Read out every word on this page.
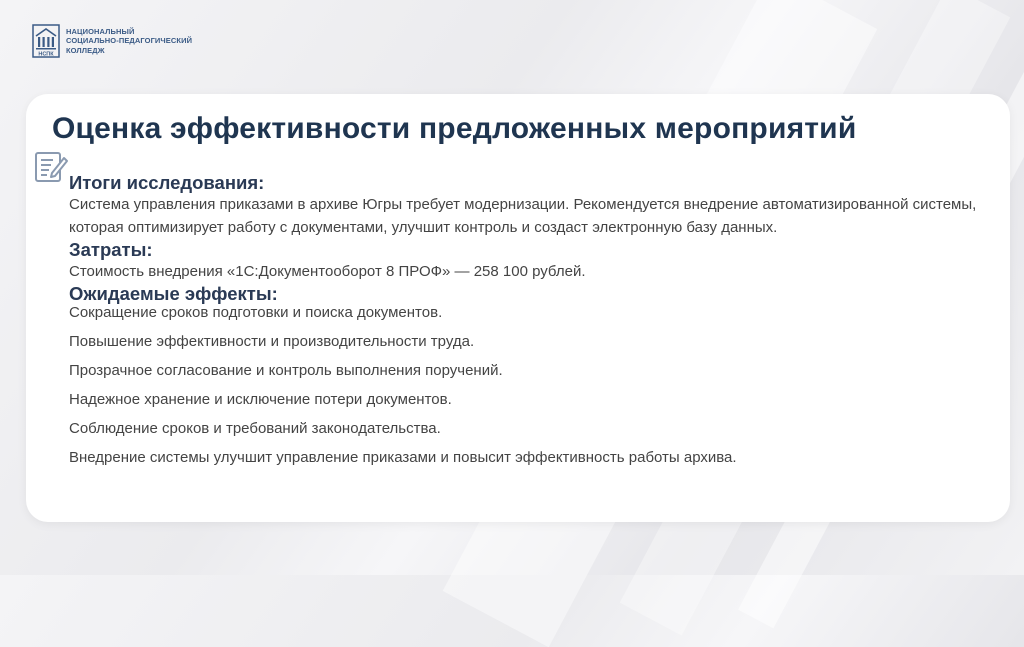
НСПК
НАЦИОНАЛЬНЫЙ
СОЦИАЛЬНО-ПЕДАГОГИЧЕСКИЙ
КОЛЛЕДЖ
Оценка эффективности предложенных мероприятий

Итоги исследования:

Система управления приказами в архиве Югры требует модернизации. Рекомендуется внедрение автоматизированной системы, которая оптимизирует работу с документами, улучшит контроль и создаст электронную базу данных.

Затраты:

Стоимость внедрения «1С:Документооборот 8 ПРОФ» — 258 100 рублей.

Ожидаемые эффекты:

Сокращение сроков подготовки и поиска документов.

Повышение эффективности и производительности труда.

Прозрачное согласование и контроль выполнения поручений.

Надежное хранение и исключение потери документов.

Соблюдение сроков и требований законодательства.

Внедрение системы улучшит управление приказами и повысит эффективность работы архива.
